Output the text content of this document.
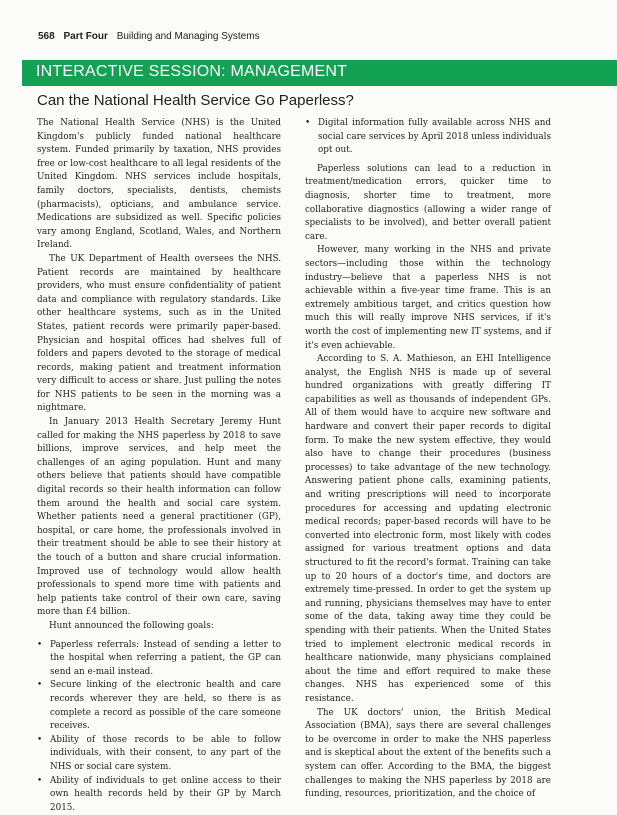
568 Part Four Building and Managing Systems
INTERACTIVE SESSION: MANAGEMENT
Can the National Health Service Go Paperless?

The National Health Service (NHS) is the United Kingdom's publicly funded national healthcare system. Funded primarily by taxation, NHS provides free or low-cost healthcare to all legal residents of the United Kingdom. NHS services include hospitals, family doctors, specialists, dentists, chemists (pharmacists), opticians, and ambulance service. Medications are subsidized as well. Specific policies vary among England, Scotland, Wales, and Northern Ireland.

The UK Department of Health oversees the NHS. Patient records are maintained by healthcare providers, who must ensure confidentiality of patient data and compliance with regulatory standards. Like other healthcare systems, such as in the United States, patient records were primarily paper-based. Physician and hospital offices had shelves full of folders and papers devoted to the storage of medical records, making patient and treatment information very difficult to access or share. Just pulling the notes for NHS patients to be seen in the morning was a nightmare.

In January 2013 Health Secretary Jeremy Hunt called for making the NHS paperless by 2018 to save billions, improve services, and help meet the challenges of an aging population. Hunt and many others believe that patients should have compatible digital records so their health information can follow them around the health and social care system. Whether patients need a general practitioner (GP), hospital, or care home, the professionals involved in their treatment should be able to see their history at the touch of a button and share crucial information. Improved use of technology would allow health professionals to spend more time with patients and help patients take control of their own care, saving more than £4 billion.

Hunt announced the following goals:

• Paperless referrals: Instead of sending a letter to the hospital when referring a patient, the GP can send an e-mail instead.
• Secure linking of the electronic health and care records wherever they are held, so there is as complete a record as possible of the care someone receives.
• Ability of those records to be able to follow individuals, with their consent, to any part of the NHS or social care system.
• Ability of individuals to get online access to their own health records held by their GP by March 2015.
• Digital information fully available across NHS and social care services by April 2018 unless individuals opt out.

Paperless solutions can lead to a reduction in treatment/medication errors, quicker time to diagnosis, shorter time to treatment, more collaborative diagnostics (allowing a wider range of specialists to be involved), and better overall patient care.

However, many working in the NHS and private sectors—including those within the technology industry—believe that a paperless NHS is not achievable within a five-year time frame. This is an extremely ambitious target, and critics question how much this will really improve NHS services, if it's worth the cost of implementing new IT systems, and if it's even achievable.

According to S. A. Mathieson, an EHI Intelligence analyst, the English NHS is made up of several hundred organizations with greatly differing IT capabilities as well as thousands of independent GPs. All of them would have to acquire new software and hardware and convert their paper records to digital form. To make the new system effective, they would also have to change their procedures (business processes) to take advantage of the new technology. Answering patient phone calls, examining patients, and writing prescriptions will need to incorporate procedures for accessing and updating electronic medical records; paper-based records will have to be converted into electronic form, most likely with codes assigned for various treatment options and data structured to fit the record's format. Training can take up to 20 hours of a doctor's time, and doctors are extremely time-pressed. In order to get the system up and running, physicians themselves may have to enter some of the data, taking away time they could be spending with their patients. When the United States tried to implement electronic medical records in healthcare nationwide, many physicians complained about the time and effort required to make these changes. NHS has experienced some of this resistance.

The UK doctors' union, the British Medical Association (BMA), says there are several challenges to be overcome in order to make the NHS paperless and is skeptical about the extent of the benefits such a system can offer. According to the BMA, the biggest challenges to making the NHS paperless by 2018 are funding, resources, prioritization, and the choice of
